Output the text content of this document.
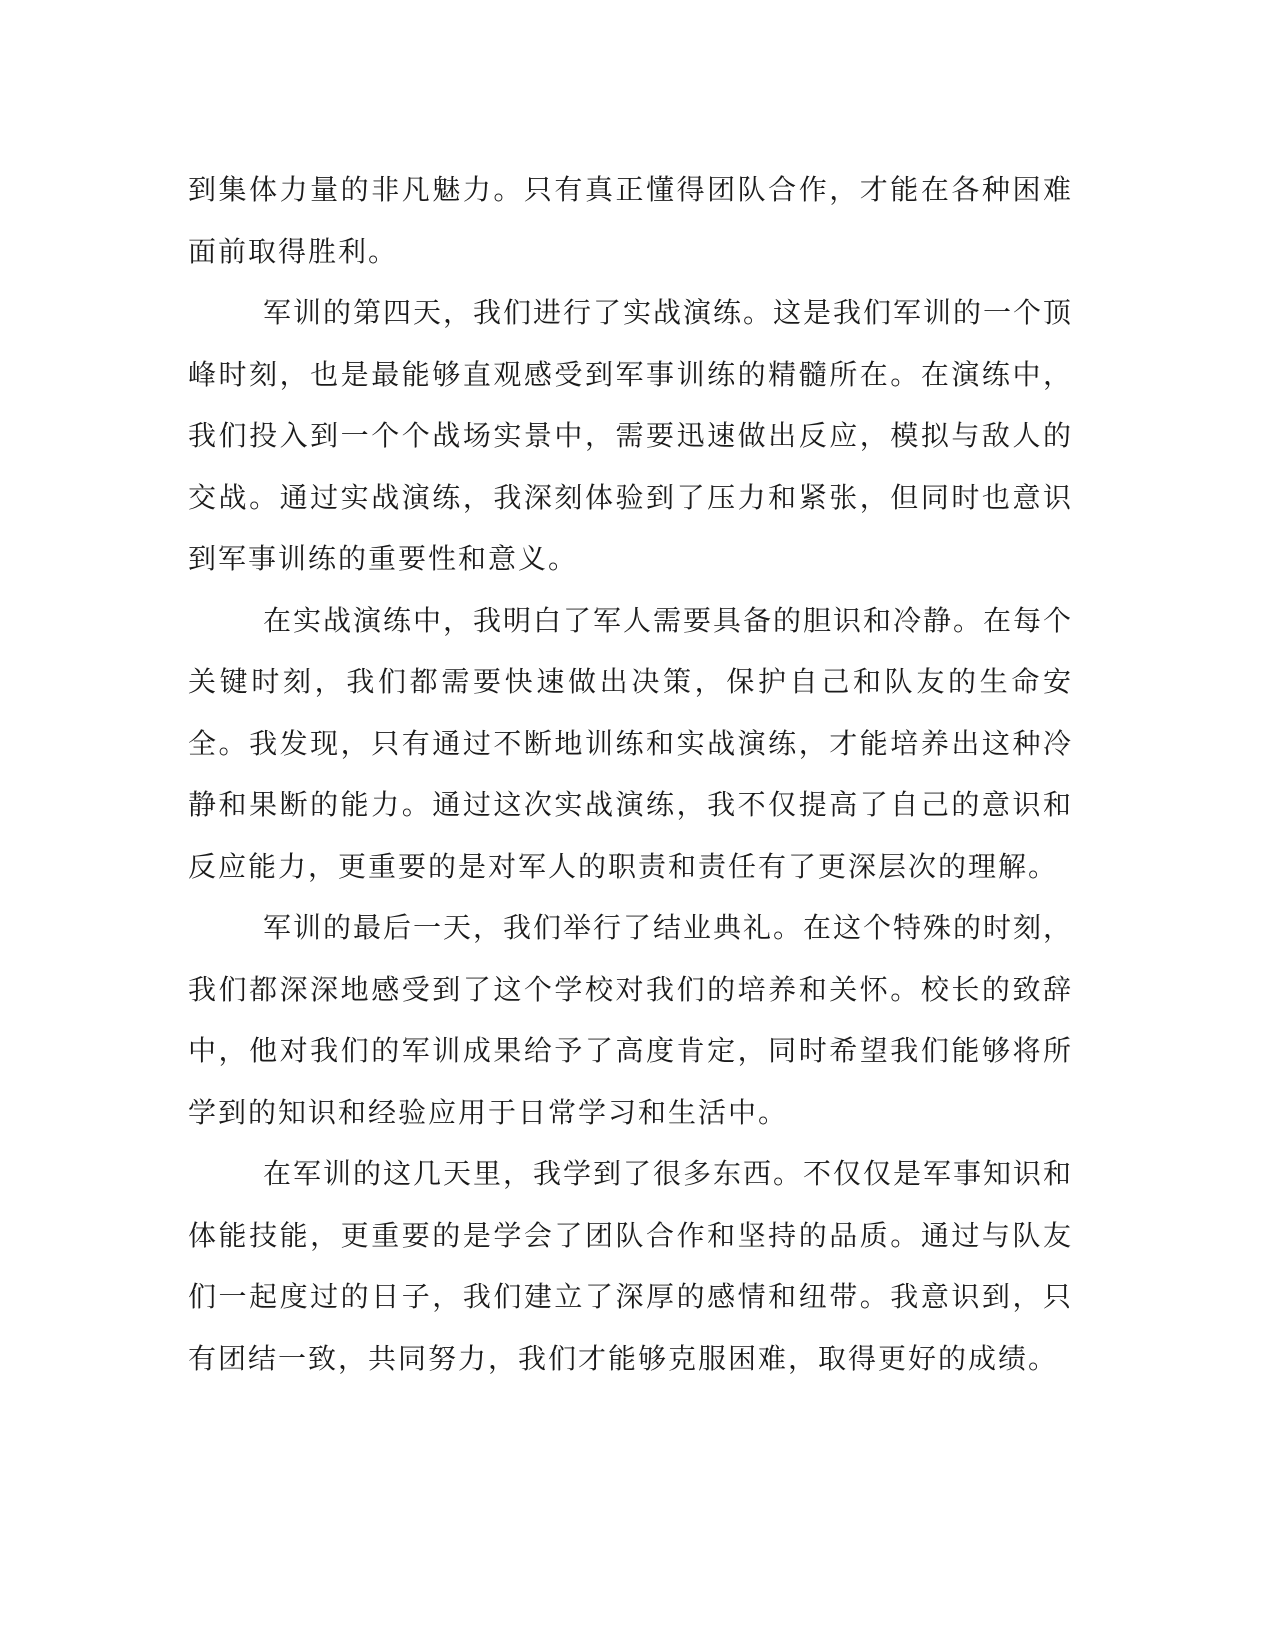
到集体力量的非凡魅力。只有真正懂得团队合作，才能在各种困难面前取得胜利。

军训的第四天，我们进行了实战演练。这是我们军训的一个顶峰时刻，也是最能够直观感受到军事训练的精髓所在。在演练中，我们投入到一个个战场实景中，需要迅速做出反应，模拟与敌人的交战。通过实战演练，我深刻体验到了压力和紧张，但同时也意识到军事训练的重要性和意义。

在实战演练中，我明白了军人需要具备的胆识和冷静。在每个关键时刻，我们都需要快速做出决策，保护自己和队友的生命安全。我发现，只有通过不断地训练和实战演练，才能培养出这种冷静和果断的能力。通过这次实战演练，我不仅提高了自己的意识和反应能力，更重要的是对军人的职责和责任有了更深层次的理解。

军训的最后一天，我们举行了结业典礼。在这个特殊的时刻，我们都深深地感受到了这个学校对我们的培养和关怀。校长的致辞中，他对我们的军训成果给予了高度肯定，同时希望我们能够将所学到的知识和经验应用于日常学习和生活中。

在军训的这几天里，我学到了很多东西。不仅仅是军事知识和体能技能，更重要的是学会了团队合作和坚持的品质。通过与队友们一起度过的日子，我们建立了深厚的感情和纽带。我意识到，只有团结一致，共同努力，我们才能够克服困难，取得更好的成绩。
